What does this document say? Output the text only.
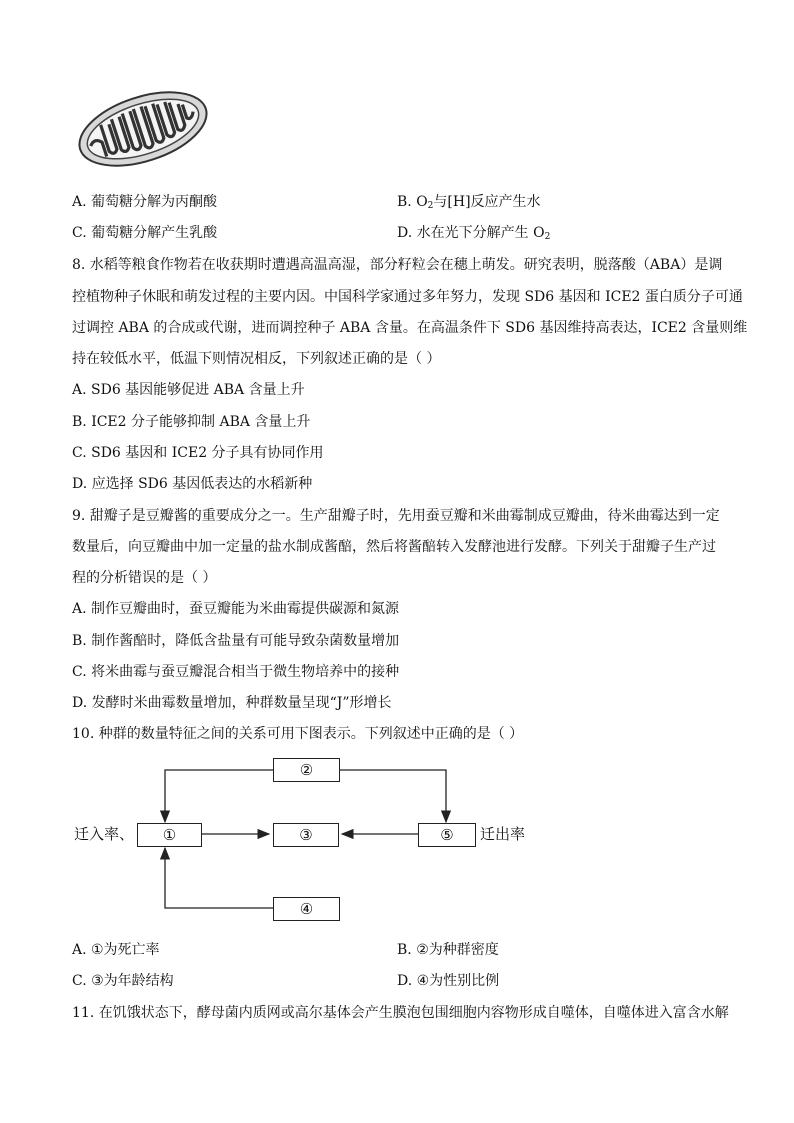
A. 葡萄糖分解为丙酮酸	B. $O_2$与[H]反应产生水
C. 葡萄糖分解产生乳酸	D. 水在光下分解产生 $O_2$
8. 水稻等粮食作物若在收获期时遭遇高温高湿，部分籽粒会在穗上萌发。研究表明，脱落酸（ABA）是调
控植物种子休眠和萌发过程的主要内因。中国科学家通过多年努力，发现 SD6 基因和 ICE2 蛋白质分子可通
过调控 ABA 的合成或代谢，进而调控种子 ABA 含量。在高温条件下 SD6 基因维持高表达，ICE2 含量则维
持在较低水平，低温下则情况相反，下列叙述正确的是（ ）
A. SD6 基因能够促进 ABA 含量上升
B. ICE2 分子能够抑制 ABA 含量上升
C. SD6 基因和 ICE2 分子具有协同作用
D. 应选择 SD6 基因低表达的水稻新种
9. 甜瓣子是豆瓣酱的重要成分之一。生产甜瓣子时，先用蚕豆瓣和米曲霉制成豆瓣曲，待米曲霉达到一定
数量后，向豆瓣曲中加一定量的盐水制成酱醅，然后将酱醅转入发酵池进行发酵。下列关于甜瓣子生产过
程的分析错误的是（ ）
A. 制作豆瓣曲时，蚕豆瓣能为米曲霉提供碳源和氮源
B. 制作酱醅时，降低含盐量有可能导致杂菌数量增加
C. 将米曲霉与蚕豆瓣混合相当于微生物培养中的接种
D. 发酵时米曲霉数量增加，种群数量呈现“J”形增长
10. 种群的数量特征之间的关系可用下图表示。下列叙述中正确的是（ ）
②
迁入率、	①	③	⑤	迁出率
④
A. ①为死亡率	B. ②为种群密度
C. ③为年龄结构	D. ④为性别比例
11. 在饥饿状态下，酵母菌内质网或高尔基体会产生膜泡包围细胞内容物形成自噬体，自噬体进入富含水解
